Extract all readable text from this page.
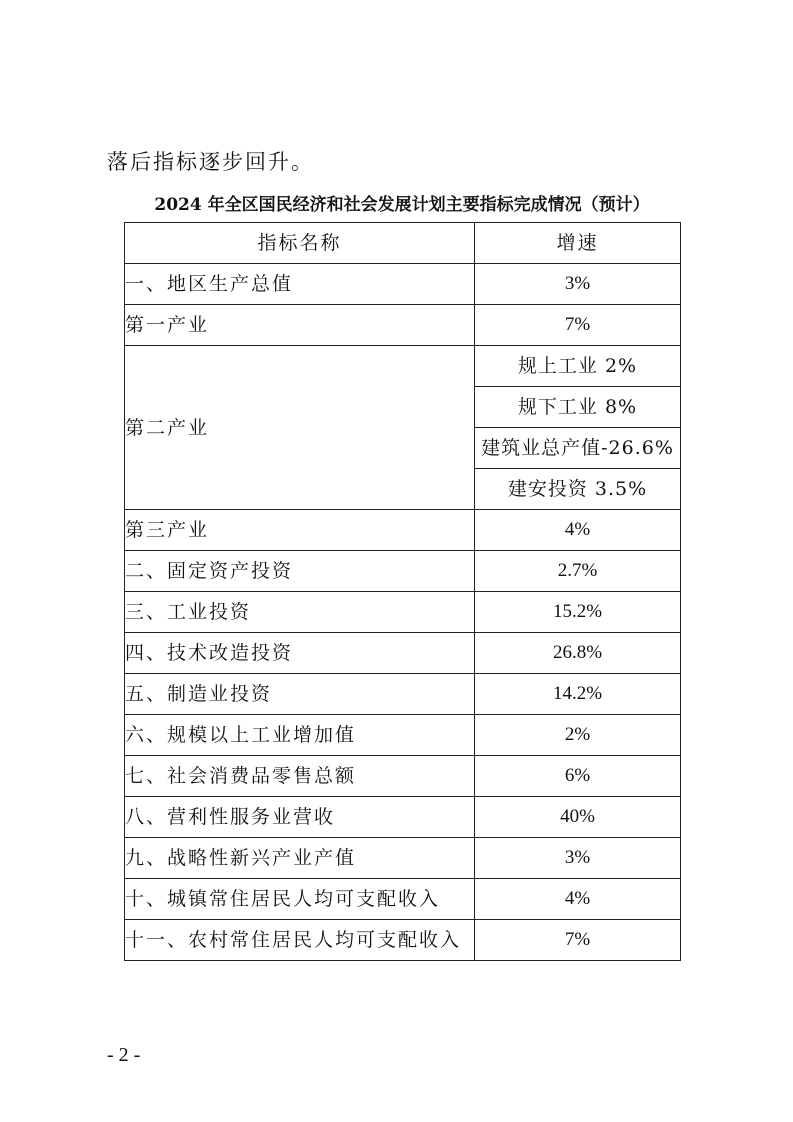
落后指标逐步回升。
2024 年全区国民经济和社会发展计划主要指标完成情况（预计）
指标名称	增速
一、地区生产总值	3%
第一产业	7%
第二产业	规上工业 2%
	规下工业 8%
	建筑业总产值-26.6%
	建安投资 3.5%
第三产业	4%
二、固定资产投资	2.7%
三、工业投资	15.2%
四、技术改造投资	26.8%
五、制造业投资	14.2%
六、规模以上工业增加值	2%
七、社会消费品零售总额	6%
八、营利性服务业营收	40%
九、战略性新兴产业产值	3%
十、城镇常住居民人均可支配收入	4%
十一、农村常住居民人均可支配收入	7%
- 2 -
